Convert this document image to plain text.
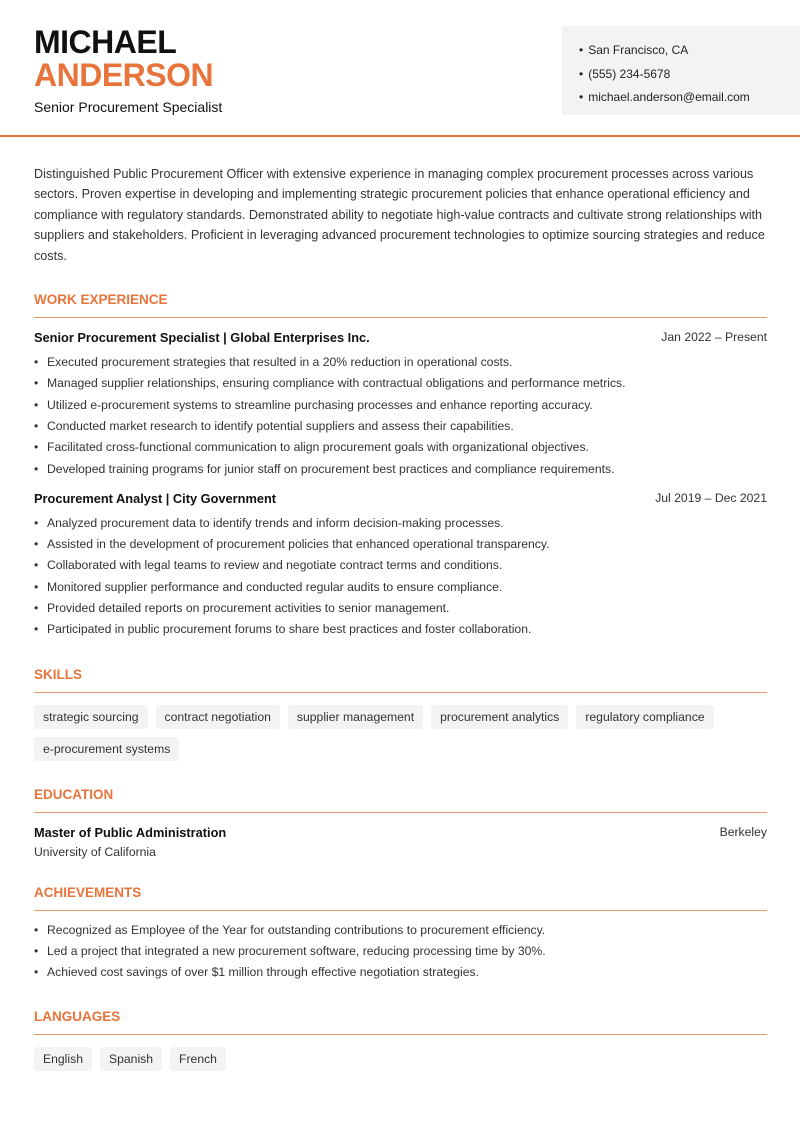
MICHAEL
ANDERSON
Senior Procurement Specialist
• San Francisco, CA
• (555) 234-5678
• michael.anderson@email.com

Distinguished Public Procurement Officer with extensive experience in managing complex procurement processes across various sectors. Proven expertise in developing and implementing strategic procurement policies that enhance operational efficiency and compliance with regulatory standards. Demonstrated ability to negotiate high-value contracts and cultivate strong relationships with suppliers and stakeholders. Proficient in leveraging advanced procurement technologies to optimize sourcing strategies and reduce costs.

WORK EXPERIENCE
Senior Procurement Specialist | Global Enterprises Inc.	Jan 2022 – Present
• Executed procurement strategies that resulted in a 20% reduction in operational costs.
• Managed supplier relationships, ensuring compliance with contractual obligations and performance metrics.
• Utilized e-procurement systems to streamline purchasing processes and enhance reporting accuracy.
• Conducted market research to identify potential suppliers and assess their capabilities.
• Facilitated cross-functional communication to align procurement goals with organizational objectives.
• Developed training programs for junior staff on procurement best practices and compliance requirements.
Procurement Analyst | City Government	Jul 2019 – Dec 2021
• Analyzed procurement data to identify trends and inform decision-making processes.
• Assisted in the development of procurement policies that enhanced operational transparency.
• Collaborated with legal teams to review and negotiate contract terms and conditions.
• Monitored supplier performance and conducted regular audits to ensure compliance.
• Provided detailed reports on procurement activities to senior management.
• Participated in public procurement forums to share best practices and foster collaboration.
SKILLS
strategic sourcing	contract negotiation	supplier management	procurement analytics	regulatory compliance
e-procurement systems
EDUCATION
Master of Public Administration	Berkeley
University of California
ACHIEVEMENTS
• Recognized as Employee of the Year for outstanding contributions to procurement efficiency.
• Led a project that integrated a new procurement software, reducing processing time by 30%.
• Achieved cost savings of over $1 million through effective negotiation strategies.
LANGUAGES
English	Spanish	French
